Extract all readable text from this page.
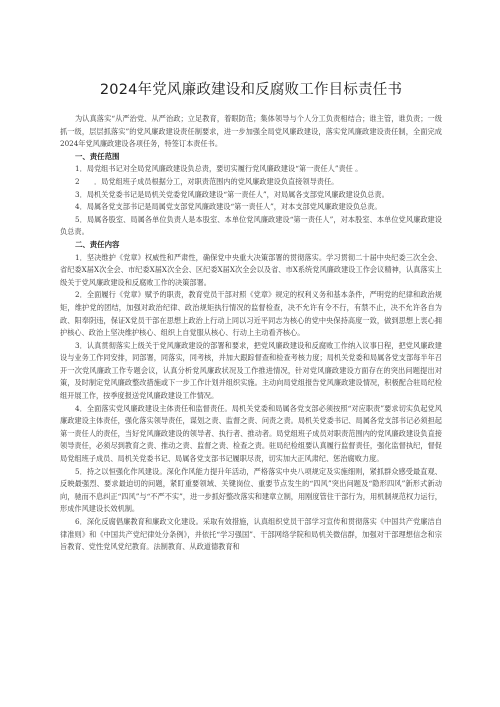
2024年党风廉政建设和反腐败工作目标责任书

为认真落实“从严治党、从严治政；立足教育，着眼防范；集体领导与个人分工负责相结合；谁主管，谁负责；一级抓一级，层层抓落实”的党风廉政建设责任制要求，进一步加强全局党风廉政建设，落实党风廉政建设责任制，全面完成2024年党风廉政建设各项任务，特签订本责任书。

一、责任范围

1．局党组书记对全局党风廉政建设负总责，要切实履行党风廉政建设“第一责任人”责任 。

2　　．局党组班子成员根据分工，对职责范围内的党风廉政建设负直接领导责任。

3．局机关党委书记是局机关党委党风廉政建设“第一责任人”，对局属各支部党风廉政建设负总责。

4．局属各党支部书记是局属党支部党风廉政建设“第一责任人”，对本支部党风廉政建设负总责。

5．局属各股室、局属各单位负责人是本股室、本单位党风廉政建设“第一责任人”，对本股室、本单位党风廉政建设负总责。

二、责任内容

1．坚决维护《党章》权威性和严肃性，确保党中央重大决策部署的贯彻落实。学习贯彻二十届中央纪委三次全会、省纪委X届X次全会、市纪委X届X次全会、区纪委X届X次全会以及省、市X系统党风廉政建设工作会议精神，认真落实上级关于党风廉政建设和反腐败工作的决策部署。

2．全面履行《党章》赋予的职责，教育党员干部对照《党章》规定的权利义务和基本条件，严明党的纪律和政治规矩，维护党的团结，加强对政治纪律、政治规矩执行情况的监督检查，决不允许有令不行，有禁不止，决不允许各自为政、阳奉阴违，保证X党员干部在思想上政治上行动上同以习近平同志为核心的党中央保持高度一致，做到思想上衷心拥护核心、政治上坚决维护核心、组织上自觉服从核心、行动上主动看齐核心。

3．认真贯彻落实上级关于党风廉政建设的部署和要求，把党风廉政建设和反腐败工作纳入议事日程，把党风廉政建设与业务工作同安排，同部署，同落实，同考核，并加大跟踪督查和检查考核力度；局机关党委和局属各党支部每半年召开一次党风廉政工作专题会议，认真分析党风廉政状况及工作推进情况，针对党风廉政建设方面存在的突出问题提出对策，及时制定党风廉政整改措施或下一步工作计划并组织实施。主动向局党组报告党风廉政建设情况，积极配合驻局纪检组开展工作，按季度报送党风廉政建设工作情况。

4．全面落实党风廉政建设主体责任和监督责任。局机关党委和局属各党支部必须按照“对应职责”要求切实负起党风廉政建设主体责任，强化落实领导责任，谋划之责、监督之责、问责之责。局机关党委书记、局属各党支部书记必须担起第一责任人的责任，当好党风廉政建设的领导者、执行者、推动者。局党组班子成员对职责范围内的党风廉政建设负直接领导责任，必须尽到教育之责、推动之责、监督之责、检查之责。驻局纪检组要认真履行监督责任，强化监督执纪，督促局党组班子成员、局机关党委书记、局属各党支部书记履职尽责，切实加大正风肃纪、惩治腐败力度。

5．持之以恒强化作风建设。深化作风能力提升年活动，严格落实中央八项规定及实施细则，紧抓群众感受最直观、反映最强烈、要求最迫切的问题，紧盯重要领域、关键岗位、重要节点发生的“四风”突出问题及“隐形四风”新形式新动向，驰而不息纠正“四风”与“不严不实”，进一步抓好整改落实和建章立制，用刚度管住干部行为，用机制规范权力运行，形成作风建设长效机制。

6．深化反腐倡廉教育和廉政文化建设。采取有效措施，认真组织党员干部学习宣传和贯彻落实《中国共产党廉洁自律准则》和《中国共产党纪律处分条例》，并依托“学习强国”、干部网络学院和局机关微信群，加强对干部理想信念和宗旨教育、党性党风党纪教育。法制教育、从政道德教育和
